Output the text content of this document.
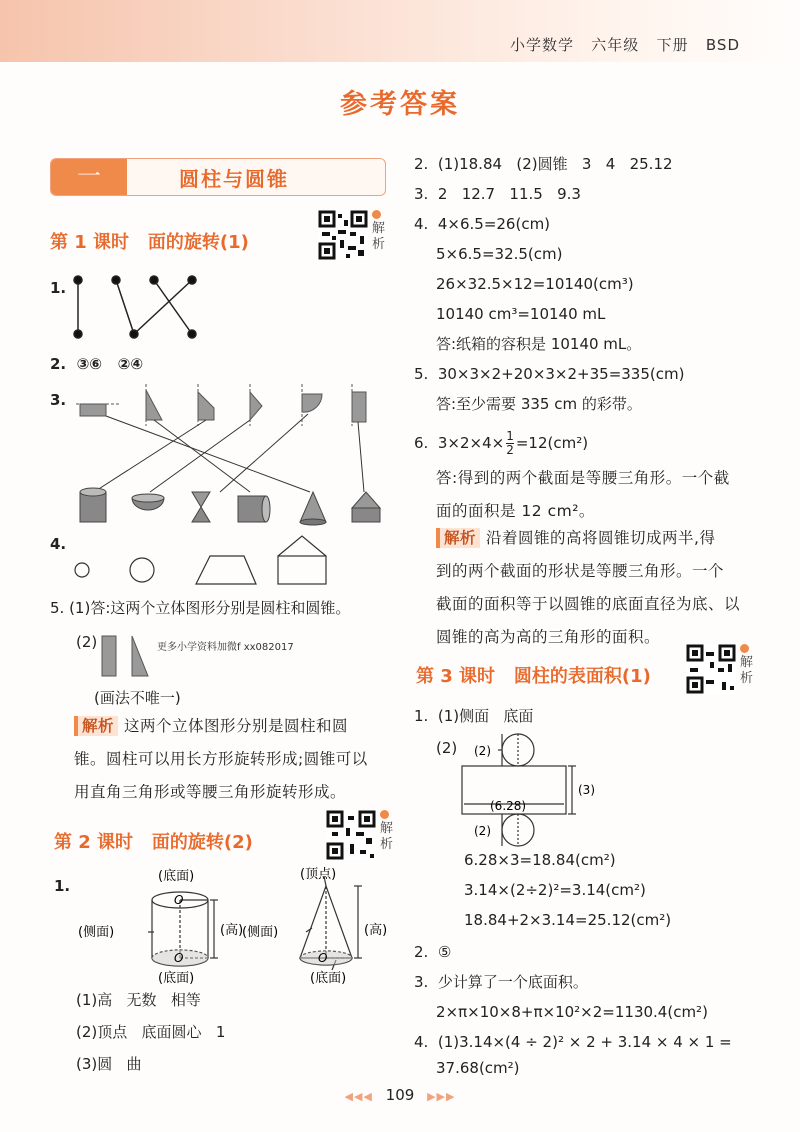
小学数学   六年级   下册   BSD
参考答案
一	圆柱与圆锥
第 1 课时   面的旋转(1)
解
析
1.
2.  ③⑥   ②④
3.
4.
5. (1)答:这两个立体图形分别是圆柱和圆锥。
(2)	更多小学资料加微f xx082017
(画法不唯一)
解析 这两个立体图形分别是圆柱和圆
锥。圆柱可以用长方形旋转形成;圆锥可以
用直角三角形或等腰三角形旋转形成。
第 2 课时   面的旋转(2)
解
析
1.
(底面)
O
(侧面)	(高)
O
(底面)
(顶点)
(侧面)	(高)
O
(底面)
(1)高   无数   相等
(2)顶点   底面圆心   1
(3)圆   曲
2.  (1)18.84   (2)圆锥   3   4   25.12
3.  2   12.7   11.5   9.3
4.  4×6.5=26(cm)
5×6.5=32.5(cm)
26×32.5×12=10140(cm³)
10140 cm³=10140 mL
答:纸箱的容积是 10140 mL。
5.  30×3×2+20×3×2+35=335(cm)
答:至少需要 335 cm 的彩带。
6.  $3\times 2\times 4\times \frac{1}{2} =12(cm^2)$
答:得到的两个截面是等腰三角形。一个截
面的面积是 12 cm²。
解析 沿着圆锥的高将圆锥切成两半,得
到的两个截面的形状是等腰三角形。一个
截面的面积等于以圆锥的底面直径为底、以
圆锥的高为高的三角形的面积。
第 3 课时   圆柱的表面积(1)
解
析
1.  (1)侧面   底面
(2) (2)
(3)
(6.28)
(2)
6.28×3=18.84(cm²)
3.14×(2÷2)²=3.14(cm²)
18.84+2×3.14=25.12(cm²)
2.  ⑤
3.  少计算了一个底面积。
2×π×10×8+π×10²×2=1130.4(cm²)
4.  (1)3.14×(4 ÷ 2)² × 2 + 3.14 × 4 × 1 =
37.68(cm²)
◀◀◀ 109 ▶▶▶
